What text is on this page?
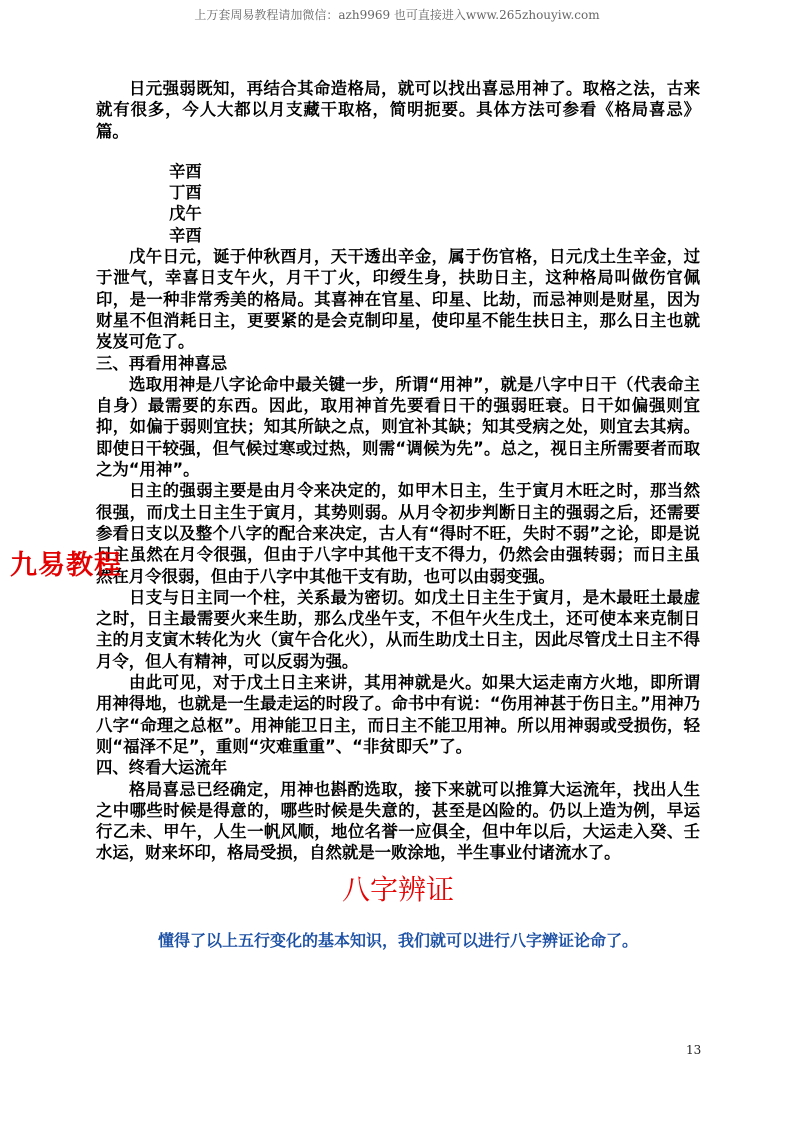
上万套周易教程请加微信：azh9969 也可直接进入www.265zhouyiw.com

日元强弱既知，再结合其命造格局，就可以找出喜忌用神了。取格之法，古来就有很多，今人大都以月支藏干取格，简明扼要。具体方法可参看《格局喜忌》篇。

辛酉
丁酉
戊午
辛酉

戊午日元，诞于仲秋酉月，天干透出辛金，属于伤官格，日元戊土生辛金，过于泄气，幸喜日支午火，月干丁火，印绶生身，扶助日主，这种格局叫做伤官佩印，是一种非常秀美的格局。其喜神在官星、印星、比劫，而忌神则是财星，因为财星不但消耗日主，更要紧的是会克制印星，使印星不能生扶日主，那么日主也就岌岌可危了。

三、再看用神喜忌

选取用神是八字论命中最关键一步，所谓“用神”，就是八字中日干（代表命主自身）最需要的东西。因此，取用神首先要看日干的强弱旺衰。日干如偏强则宜抑，如偏于弱则宜扶；知其所缺之点，则宜补其缺；知其受病之处，则宜去其病。即使日干较强，但气候过寒或过热，则需“调候为先”。总之，视日主所需要者而取之为“用神”。

日主的强弱主要是由月令来决定的，如甲木日主，生于寅月木旺之时，那当然很强，而戊土日主生于寅月，其势则弱。从月令初步判断日主的强弱之后，还需要参看日支以及整个八字的配合来决定，古人有“得时不旺，失时不弱”之论，即是说日主虽然在月令很强，但由于八字中其他干支不得力，仍然会由强转弱；而日主虽然在月令很弱，但由于八字中其他干支有助，也可以由弱变强。

日支与日主同一个柱，关系最为密切。如戊土日主生于寅月，是木最旺土最虚之时，日主最需要火来生助，那么戊坐午支，不但午火生戊土，还可使本来克制日主的月支寅木转化为火（寅午合化火），从而生助戊土日主，因此尽管戊土日主不得月令，但人有精神，可以反弱为强。

由此可见，对于戊土日主来讲，其用神就是火。如果大运走南方火地，即所谓用神得地，也就是一生最走运的时段了。命书中有说：“伤用神甚于伤日主。”用神乃八字“命理之总枢”。用神能卫日主，而日主不能卫用神。所以用神弱或受损伤，轻则“福泽不足”，重则“灾难重重”、“非贫即夭”了。

四、终看大运流年

格局喜忌已经确定，用神也斟酌选取，接下来就可以推算大运流年，找出人生之中哪些时候是得意的，哪些时候是失意的，甚至是凶险的。仍以上造为例，早运行乙未、甲午，人生一帆风顺，地位名誉一应俱全，但中年以后，大运走入癸、壬水运，财来坏印，格局受损，自然就是一败涂地，半生事业付诸流水了。

八字辨证
懂得了以上五行变化的基本知识，我们就可以进行八字辨证论命了。
九易教程
13
